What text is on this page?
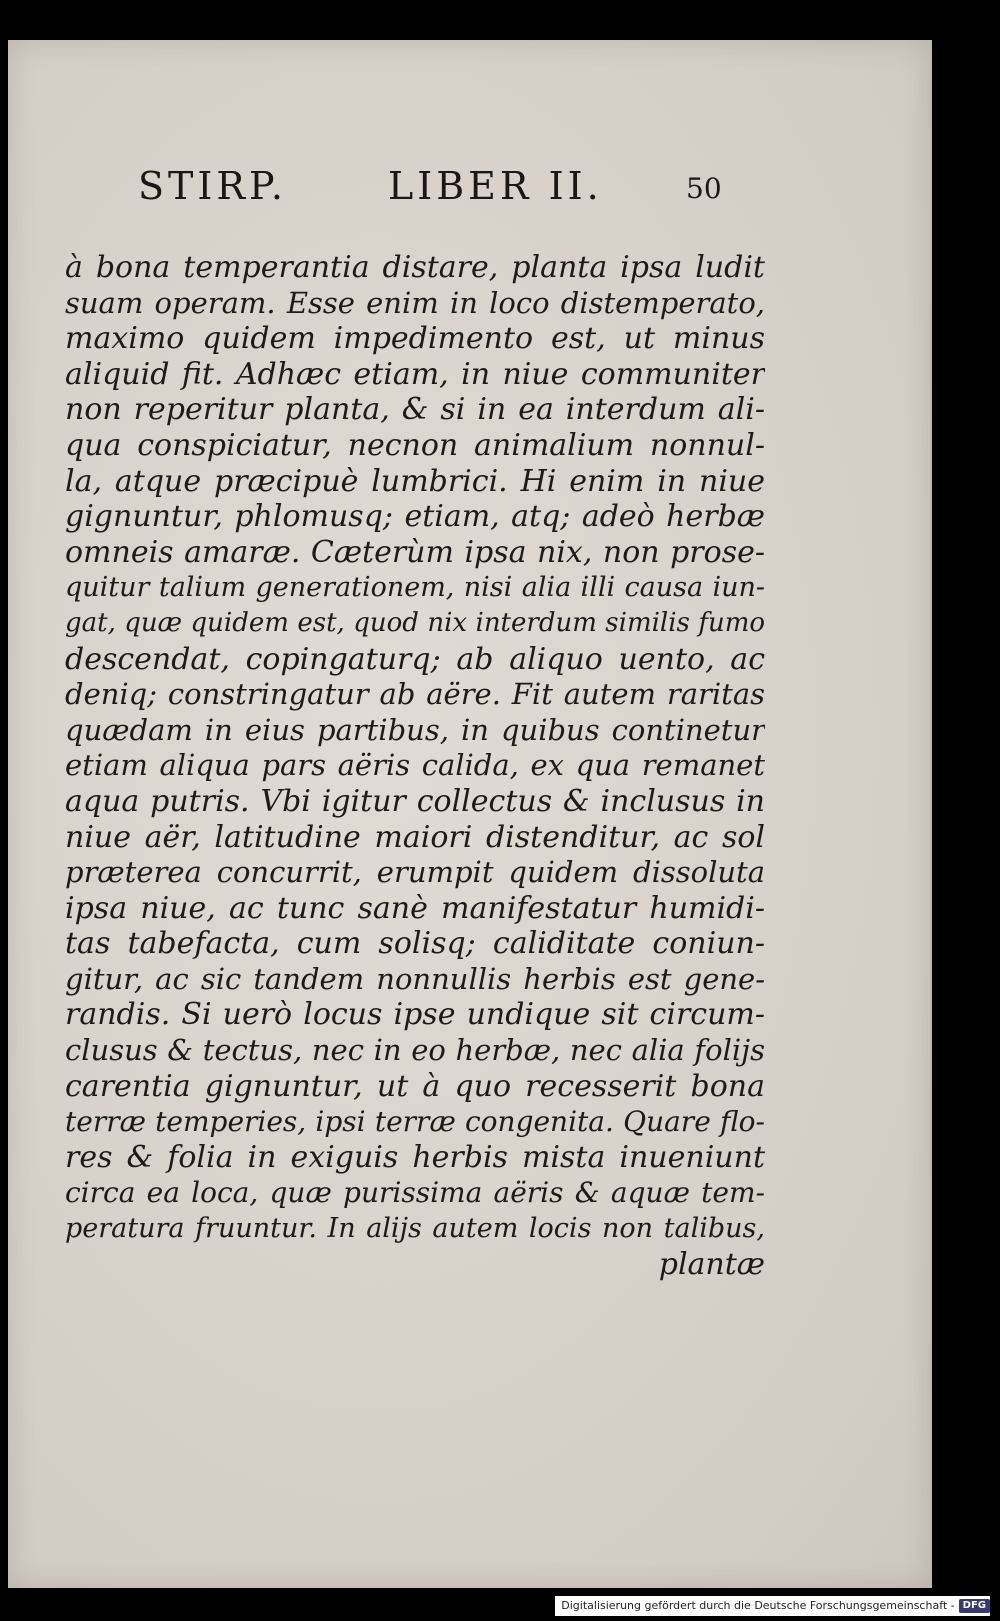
STIRP.	LIBER II.	50
à bona temperantia distare, planta ipsa ludit
suam operam. Esse enim in loco distemperato,
maximo quidem impedimento est, ut minus
aliquid fit. Adhæc etiam, in niue communiter
non reperitur planta, & si in ea interdum ali-
qua conspiciatur, necnon animalium nonnul-
la, atque præcipuè lumbrici. Hi enim in niue
gignuntur, phlomusq; etiam, atq; adeò herbæ
omneis amaræ. Cæterùm ipsa nix, non prose-
quitur talium generationem, nisi alia illi causa iun-
gat, quæ quidem est, quod nix interdum similis fumo
descendat, copingaturq; ab aliquo uento, ac
deniq; constringatur ab aëre. Fit autem raritas
quædam in eius partibus, in quibus continetur
etiam aliqua pars aëris calida, ex qua remanet
aqua putris. Vbi igitur collectus & inclusus in
niue aër, latitudine maiori distenditur, ac sol
præterea concurrit, erumpit quidem dissoluta
ipsa niue, ac tunc sanè manifestatur humidi-
tas tabefacta, cum solisq; caliditate coniun-
gitur, ac sic tandem nonnullis herbis est gene-
randis. Si uerò locus ipse undique sit circum-
clusus & tectus, nec in eo herbæ, nec alia folijs
carentia gignuntur, ut à quo recesserit bona
terræ temperies, ipsi terræ congenita. Quare flo-
res & folia in exiguis herbis mista inueniunt
circa ea loca, quæ purissima aëris & aquæ tem-
peratura fruuntur. In alijs autem locis non talibus,
plantæ
Digitalisierung gefördert durch die Deutsche Forschungsgemeinschaft - DFG
